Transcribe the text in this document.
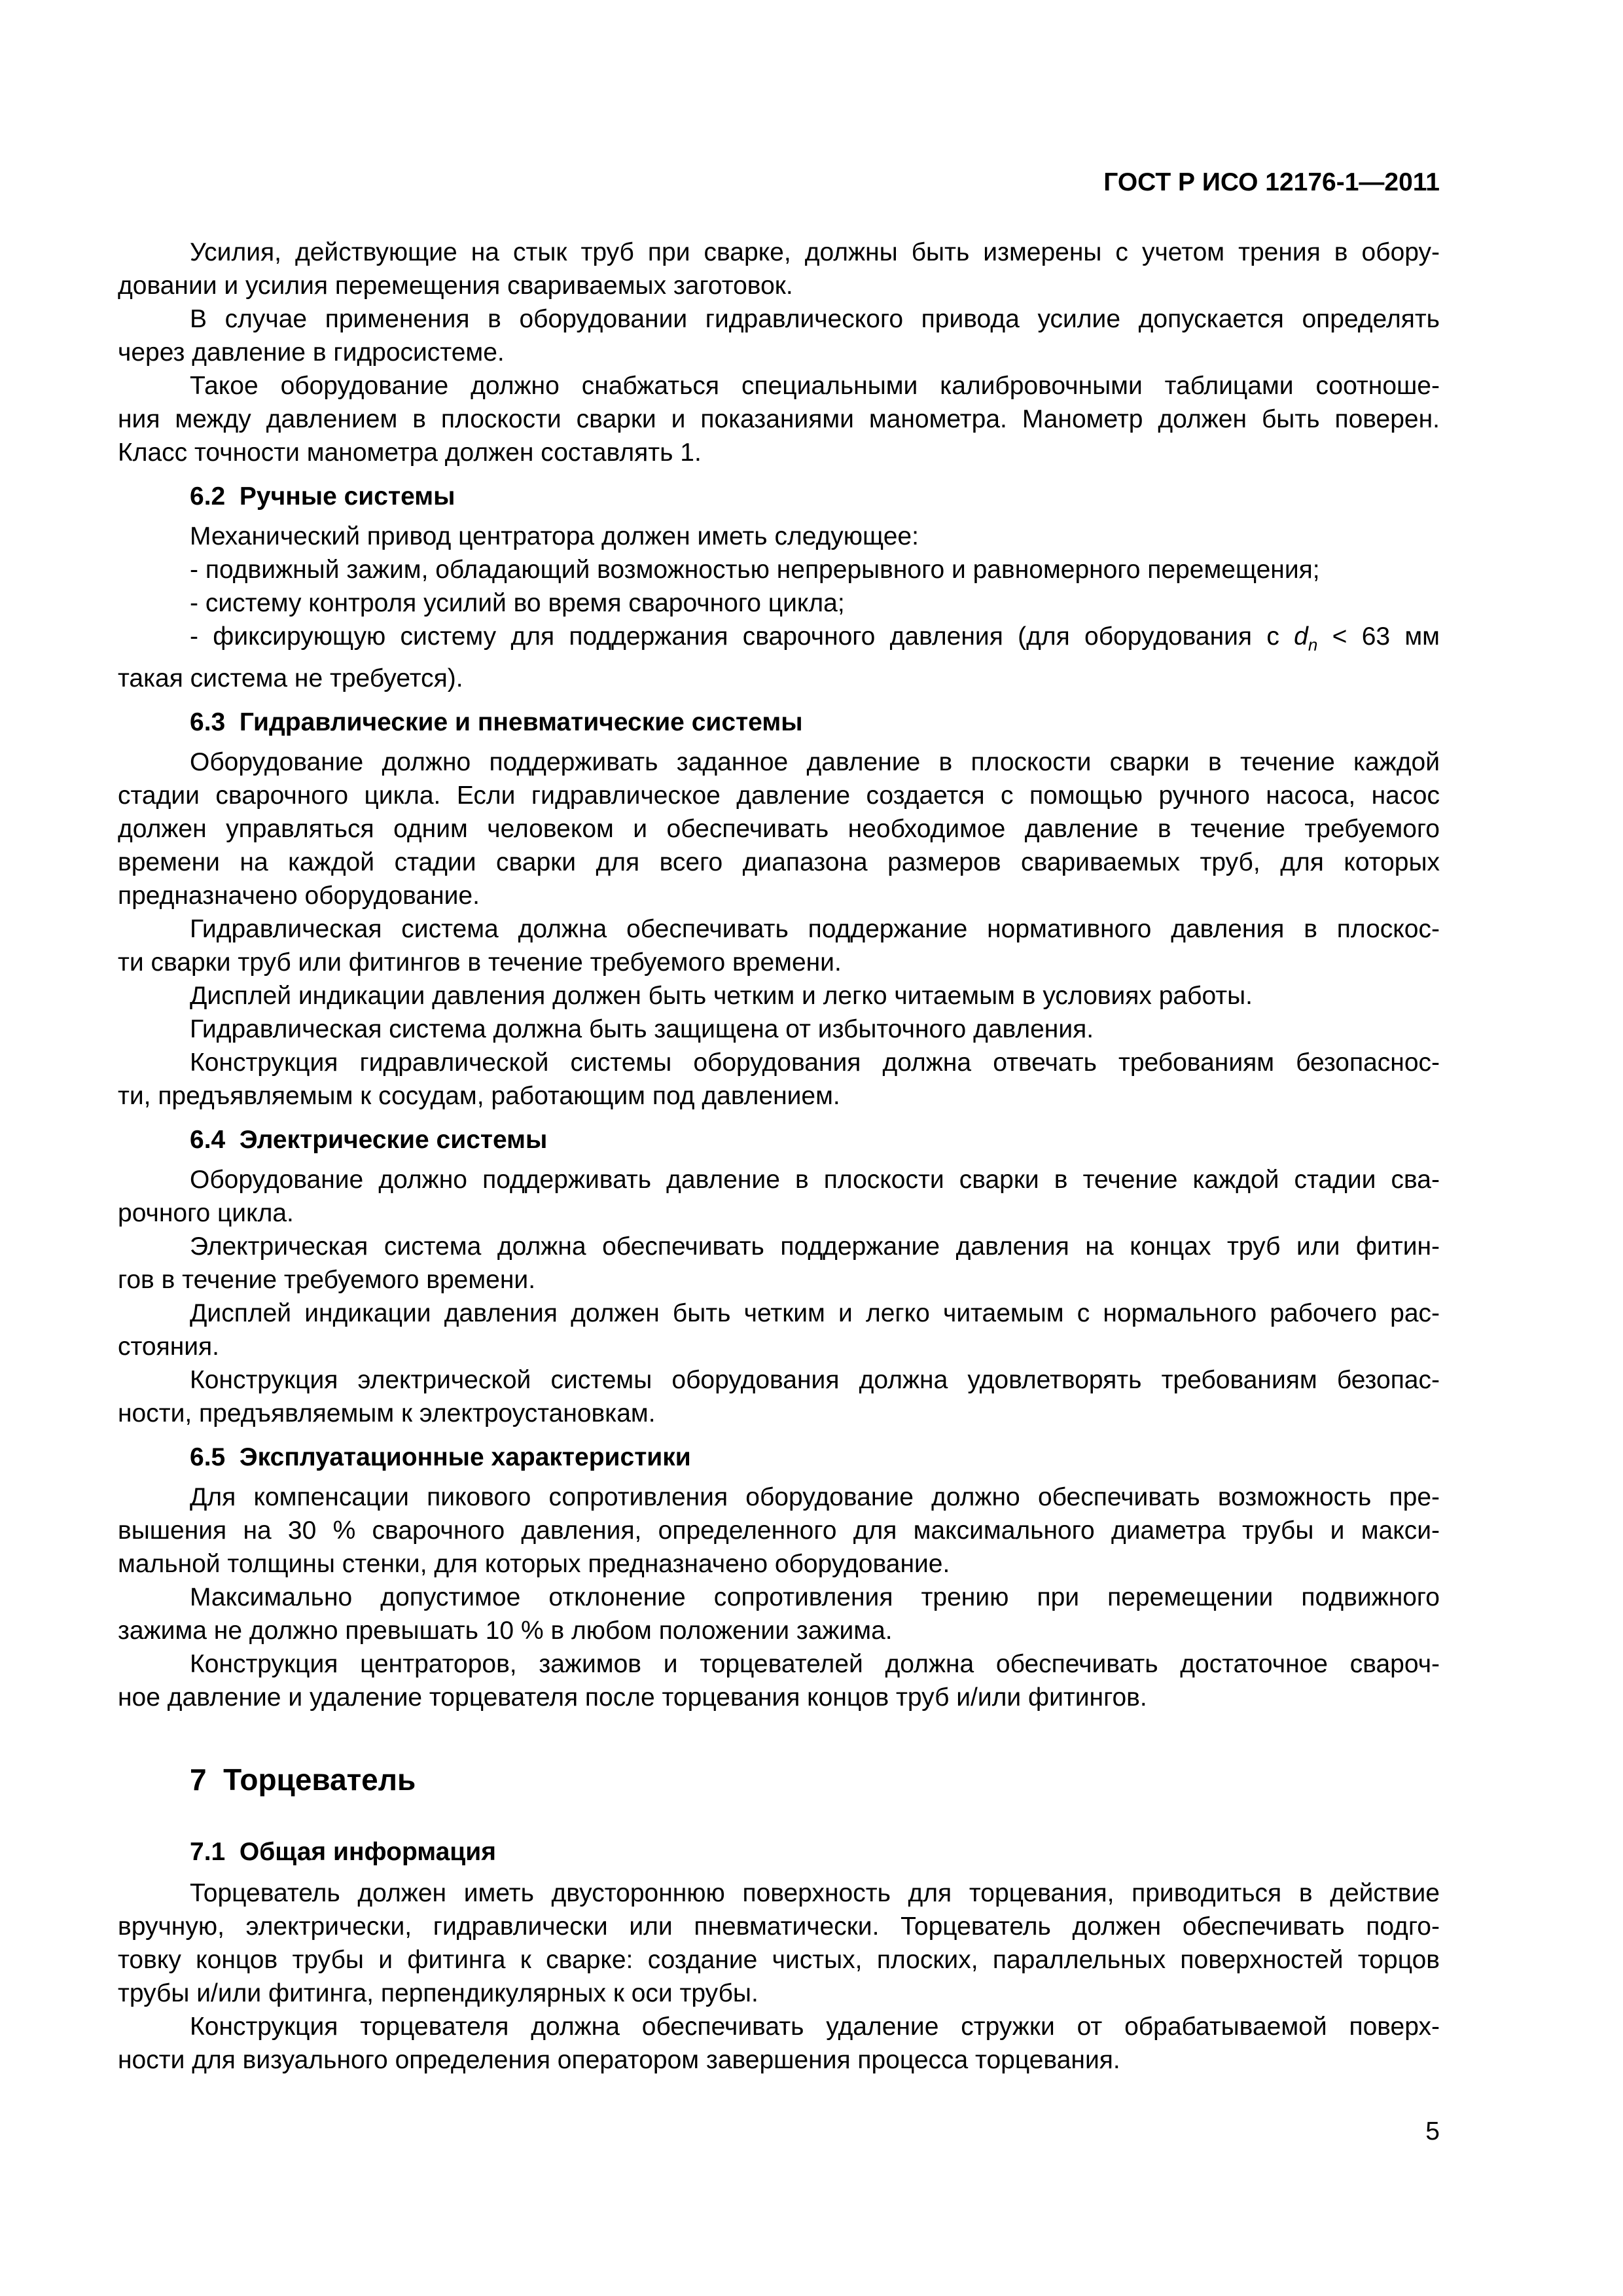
ГОСТ Р ИСО 12176-1—2011
Усилия, действующие на стык труб при сварке, должны быть измерены с учетом трения в обору-
довании и усилия перемещения свариваемых заготовок.
В случае применения в оборудовании гидравлического привода усилие допускается определять
через давление в гидросистеме.
Такое оборудование должно снабжаться специальными калибровочными таблицами соотноше-
ния между давлением в плоскости сварки и показаниями манометра. Манометр должен быть поверен.
Класс точности манометра должен составлять 1.
6.2  Ручные системы
Механический привод центратора должен иметь следующее:
- подвижный зажим, обладающий возможностью непрерывного и равномерного перемещения;
- систему контроля усилий во время сварочного цикла;
- фиксирующую систему для поддержания сварочного давления (для оборудования с $d_n < 63$ мм
такая система не требуется).
6.3  Гидравлические и пневматические системы
Оборудование должно поддерживать заданное давление в плоскости сварки в течение каждой
стадии сварочного цикла. Если гидравлическое давление создается с помощью ручного насоса, насос
должен управляться одним человеком и обеспечивать необходимое давление в течение требуемого
времени на каждой стадии сварки для всего диапазона размеров свариваемых труб, для которых
предназначено оборудование.
Гидравлическая система должна обеспечивать поддержание нормативного давления в плоскос-
ти сварки труб или фитингов в течение требуемого времени.
Дисплей индикации давления должен быть четким и легко читаемым в условиях работы.
Гидравлическая система должна быть защищена от избыточного давления.
Конструкция гидравлической системы оборудования должна отвечать требованиям безопаснос-
ти, предъявляемым к сосудам, работающим под давлением.
6.4  Электрические системы
Оборудование должно поддерживать давление в плоскости сварки в течение каждой стадии сва-
рочного цикла.
Электрическая система должна обеспечивать поддержание давления на концах труб или фитин-
гов в течение требуемого времени.
Дисплей индикации давления должен быть четким и легко читаемым с нормального рабочего рас-
стояния.
Конструкция электрической системы оборудования должна удовлетворять требованиям безопас-
ности, предъявляемым к электроустановкам.
6.5  Эксплуатационные характеристики
Для компенсации пикового сопротивления оборудование должно обеспечивать возможность пре-
вышения на 30 % сварочного давления, определенного для максимального диаметра трубы и макси-
мальной толщины стенки, для которых предназначено оборудование.
Максимально допустимое отклонение сопротивления трению при перемещении подвижного
зажима не должно превышать 10 % в любом положении зажима.
Конструкция центраторов, зажимов и торцевателей должна обеспечивать достаточное свароч-
ное давление и удаление торцевателя после торцевания концов труб и/или фитингов.
7  Торцеватель
7.1  Общая информация
Торцеватель должен иметь двустороннюю поверхность для торцевания, приводиться в действие
вручную, электрически, гидравлически или пневматически. Торцеватель должен обеспечивать подго-
товку концов трубы и фитинга к сварке: создание чистых, плоских, параллельных поверхностей торцов
трубы и/или фитинга, перпендикулярных к оси трубы.
Конструкция торцевателя должна обеспечивать удаление стружки от обрабатываемой поверх-
ности для визуального определения оператором завершения процесса торцевания.
5
